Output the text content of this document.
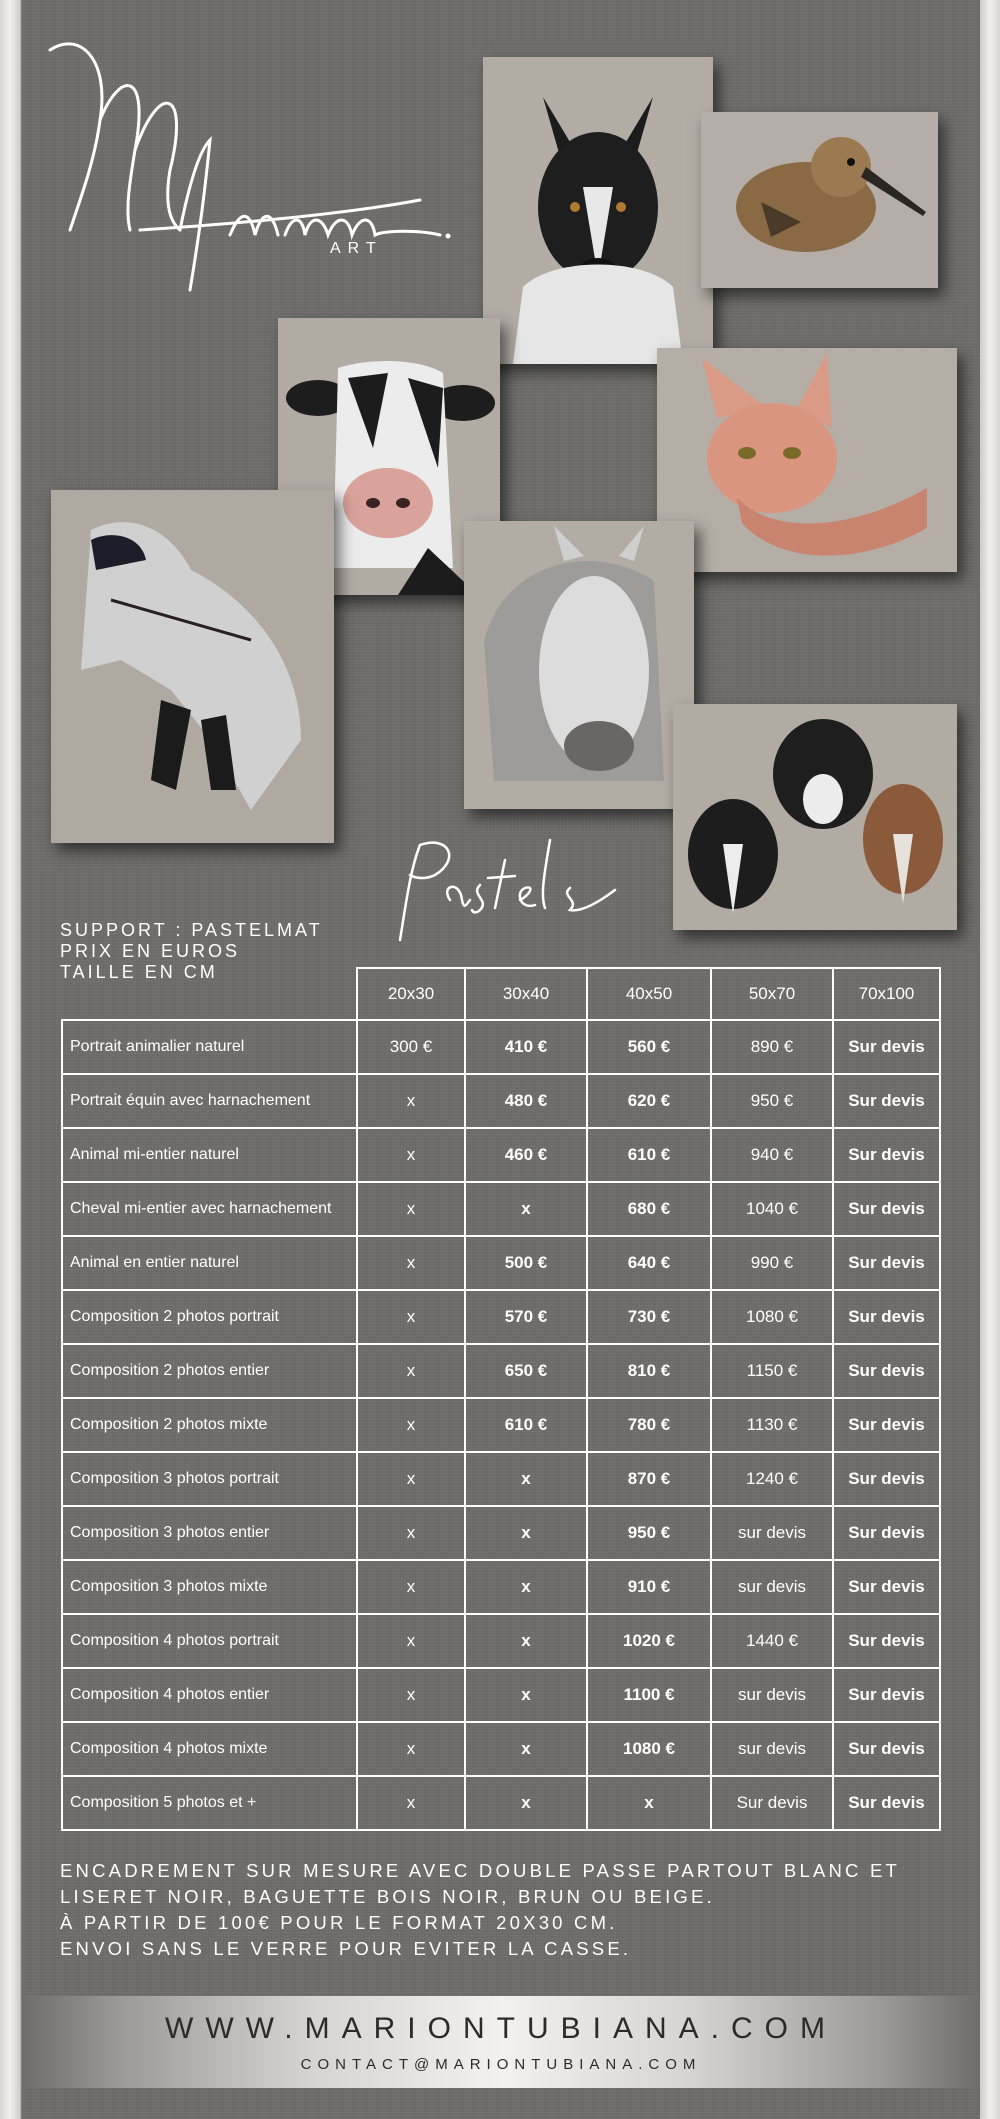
ART
SUPPORT : PASTELMAT
PRIX EN EUROS
TAILLE EN CM
	20x30	30x40	40x50	50x70	70x100
Portrait animalier naturel	300 €	410 €	560 €	890 €	Sur devis
Portrait équin avec harnachement	x	480 €	620 €	950 €	Sur devis
Animal mi-entier naturel	x	460 €	610 €	940 €	Sur devis
Cheval mi-entier avec harnachement	x	x	680 €	1040 €	Sur devis
Animal en entier naturel	x	500 €	640 €	990 €	Sur devis
Composition 2 photos portrait	x	570 €	730 €	1080 €	Sur devis
Composition 2 photos entier	x	650 €	810 €	1150 €	Sur devis
Composition 2 photos mixte	x	610 €	780 €	1130 €	Sur devis
Composition 3 photos portrait	x	x	870 €	1240 €	Sur devis
Composition 3 photos entier	x	x	950 €	sur devis	Sur devis
Composition 3 photos mixte	x	x	910 €	sur devis	Sur devis
Composition 4 photos portrait	x	x	1020 €	1440 €	Sur devis
Composition 4 photos entier	x	x	1100 €	sur devis	Sur devis
Composition 4 photos mixte	x	x	1080 €	sur devis	Sur devis
Composition 5 photos et +	x	x	x	Sur devis	Sur devis
ENCADREMENT SUR MESURE AVEC DOUBLE PASSE PARTOUT BLANC ET
LISERET NOIR, BAGUETTE BOIS NOIR, BRUN OU BEIGE.
À PARTIR DE 100€ POUR LE FORMAT 20X30 CM.
ENVOI SANS LE VERRE POUR EVITER LA CASSE.
WWW.MARIONTUBIANA.COM
CONTACT@MARIONTUBIANA.COM
